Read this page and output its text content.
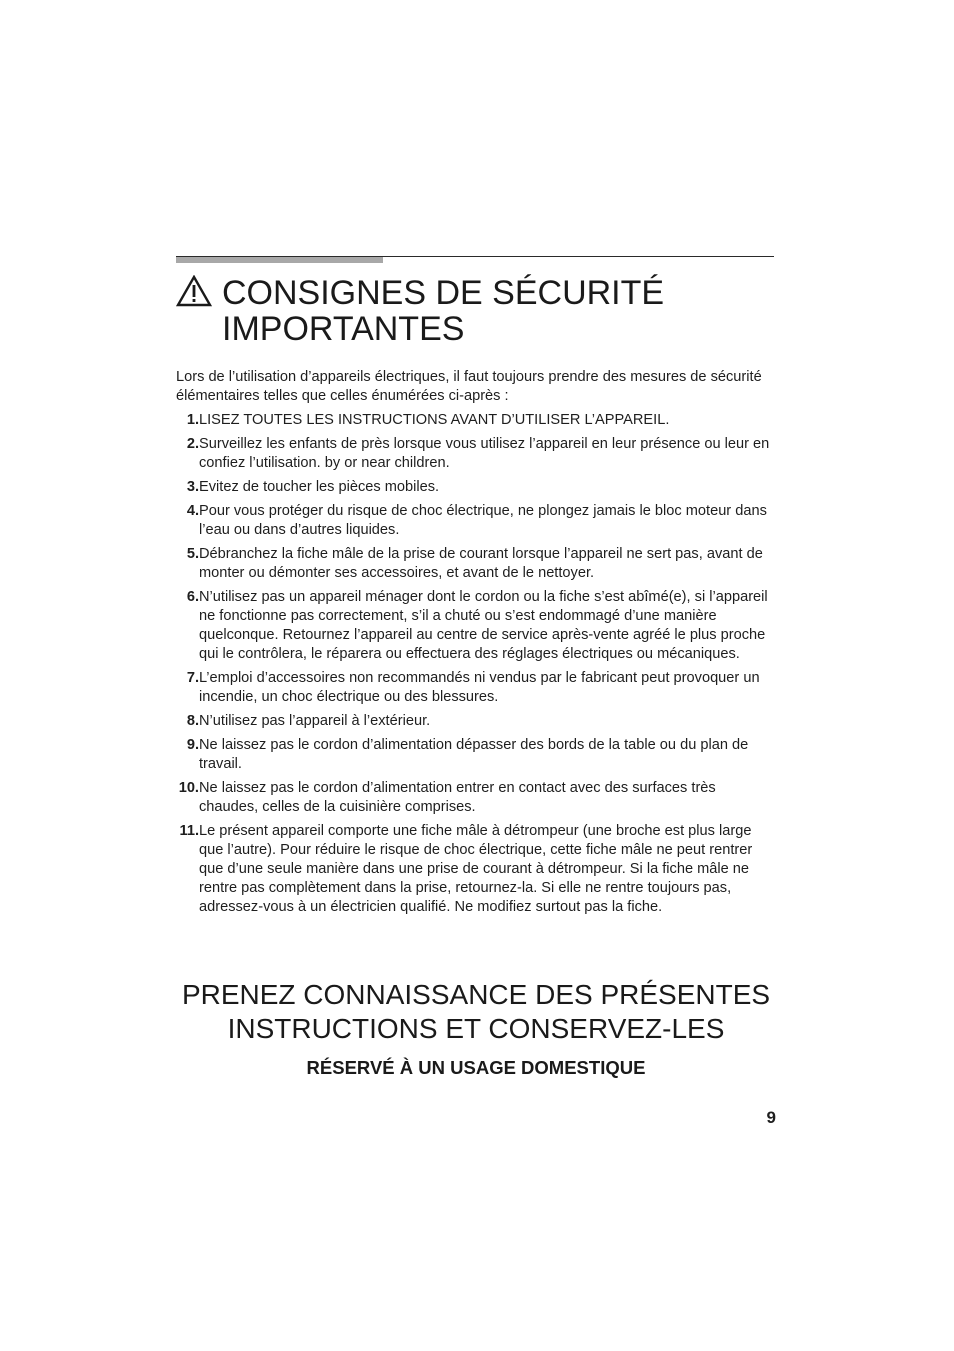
CONSIGNES DE SÉCURITÉ
IMPORTANTES

Lors de l’utilisation d’appareils électriques, il faut toujours prendre des mesures de sécurité élémentaires telles que celles énumérées ci-après :

1. LISEZ TOUTES LES INSTRUCTIONS AVANT D’UTILISER L’APPAREIL.
2. Surveillez les enfants de près lorsque vous utilisez l’appareil en leur présence ou leur en confiez l’utilisation. by or near children.
3. Evitez de toucher les pièces mobiles.
4. Pour vous protéger du risque de choc électrique, ne plongez jamais le bloc moteur dans l’eau ou dans d’autres liquides.
5. Débranchez la fiche mâle de la prise de courant lorsque l’appareil ne sert pas, avant de monter ou démonter ses accessoires, et avant de le nettoyer.
6. N’utilisez pas un appareil ménager dont le cordon ou la fiche s’est abîmé(e), si l’appareil ne fonctionne pas correctement, s’il a chuté ou s’est endommagé d’une manière quelconque. Retournez l’appareil au centre de service après-vente agréé le plus proche qui le contrôlera, le réparera ou effectuera des réglages électriques ou mécaniques.
7. L’emploi d’accessoires non recommandés ni vendus par le fabricant peut provoquer un incendie, un choc électrique ou des blessures.
8. N’utilisez pas l’appareil à l’extérieur.
9. Ne laissez pas le cordon d’alimentation dépasser des bords de la table ou du plan de travail.
10. Ne laissez pas le cordon d’alimentation entrer en contact avec des surfaces très chaudes, celles de la cuisinière comprises.
11. Le présent appareil comporte une fiche mâle à détrompeur (une broche est plus large que l’autre). Pour réduire le risque de choc électrique, cette fiche mâle ne peut rentrer que d’une seule manière dans une prise de courant à détrompeur. Si la fiche mâle ne rentre pas complètement dans la prise, retournez-la. Si elle ne rentre toujours pas, adressez-vous à un électricien qualifié. Ne modifiez surtout pas la fiche.
PRENEZ CONNAISSANCE DES PRÉSENTES INSTRUCTIONS ET CONSERVEZ-LES
RÉSERVÉ À UN USAGE DOMESTIQUE
9
